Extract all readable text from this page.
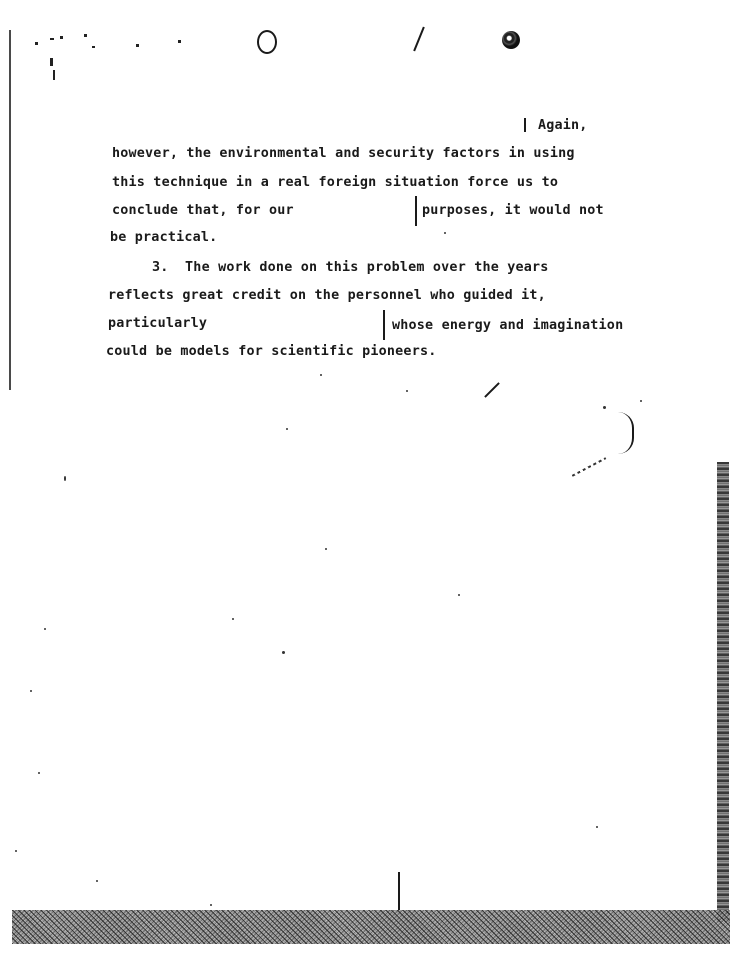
Again,
however, the environmental and security factors in using
this technique in a real foreign situation force us to
conclude that, for our	purposes, it would not
be practical.
3.  The work done on this problem over the years
reflects great credit on the personnel who guided it,
particularly	whose energy and imagination
could be models for scientific pioneers.
